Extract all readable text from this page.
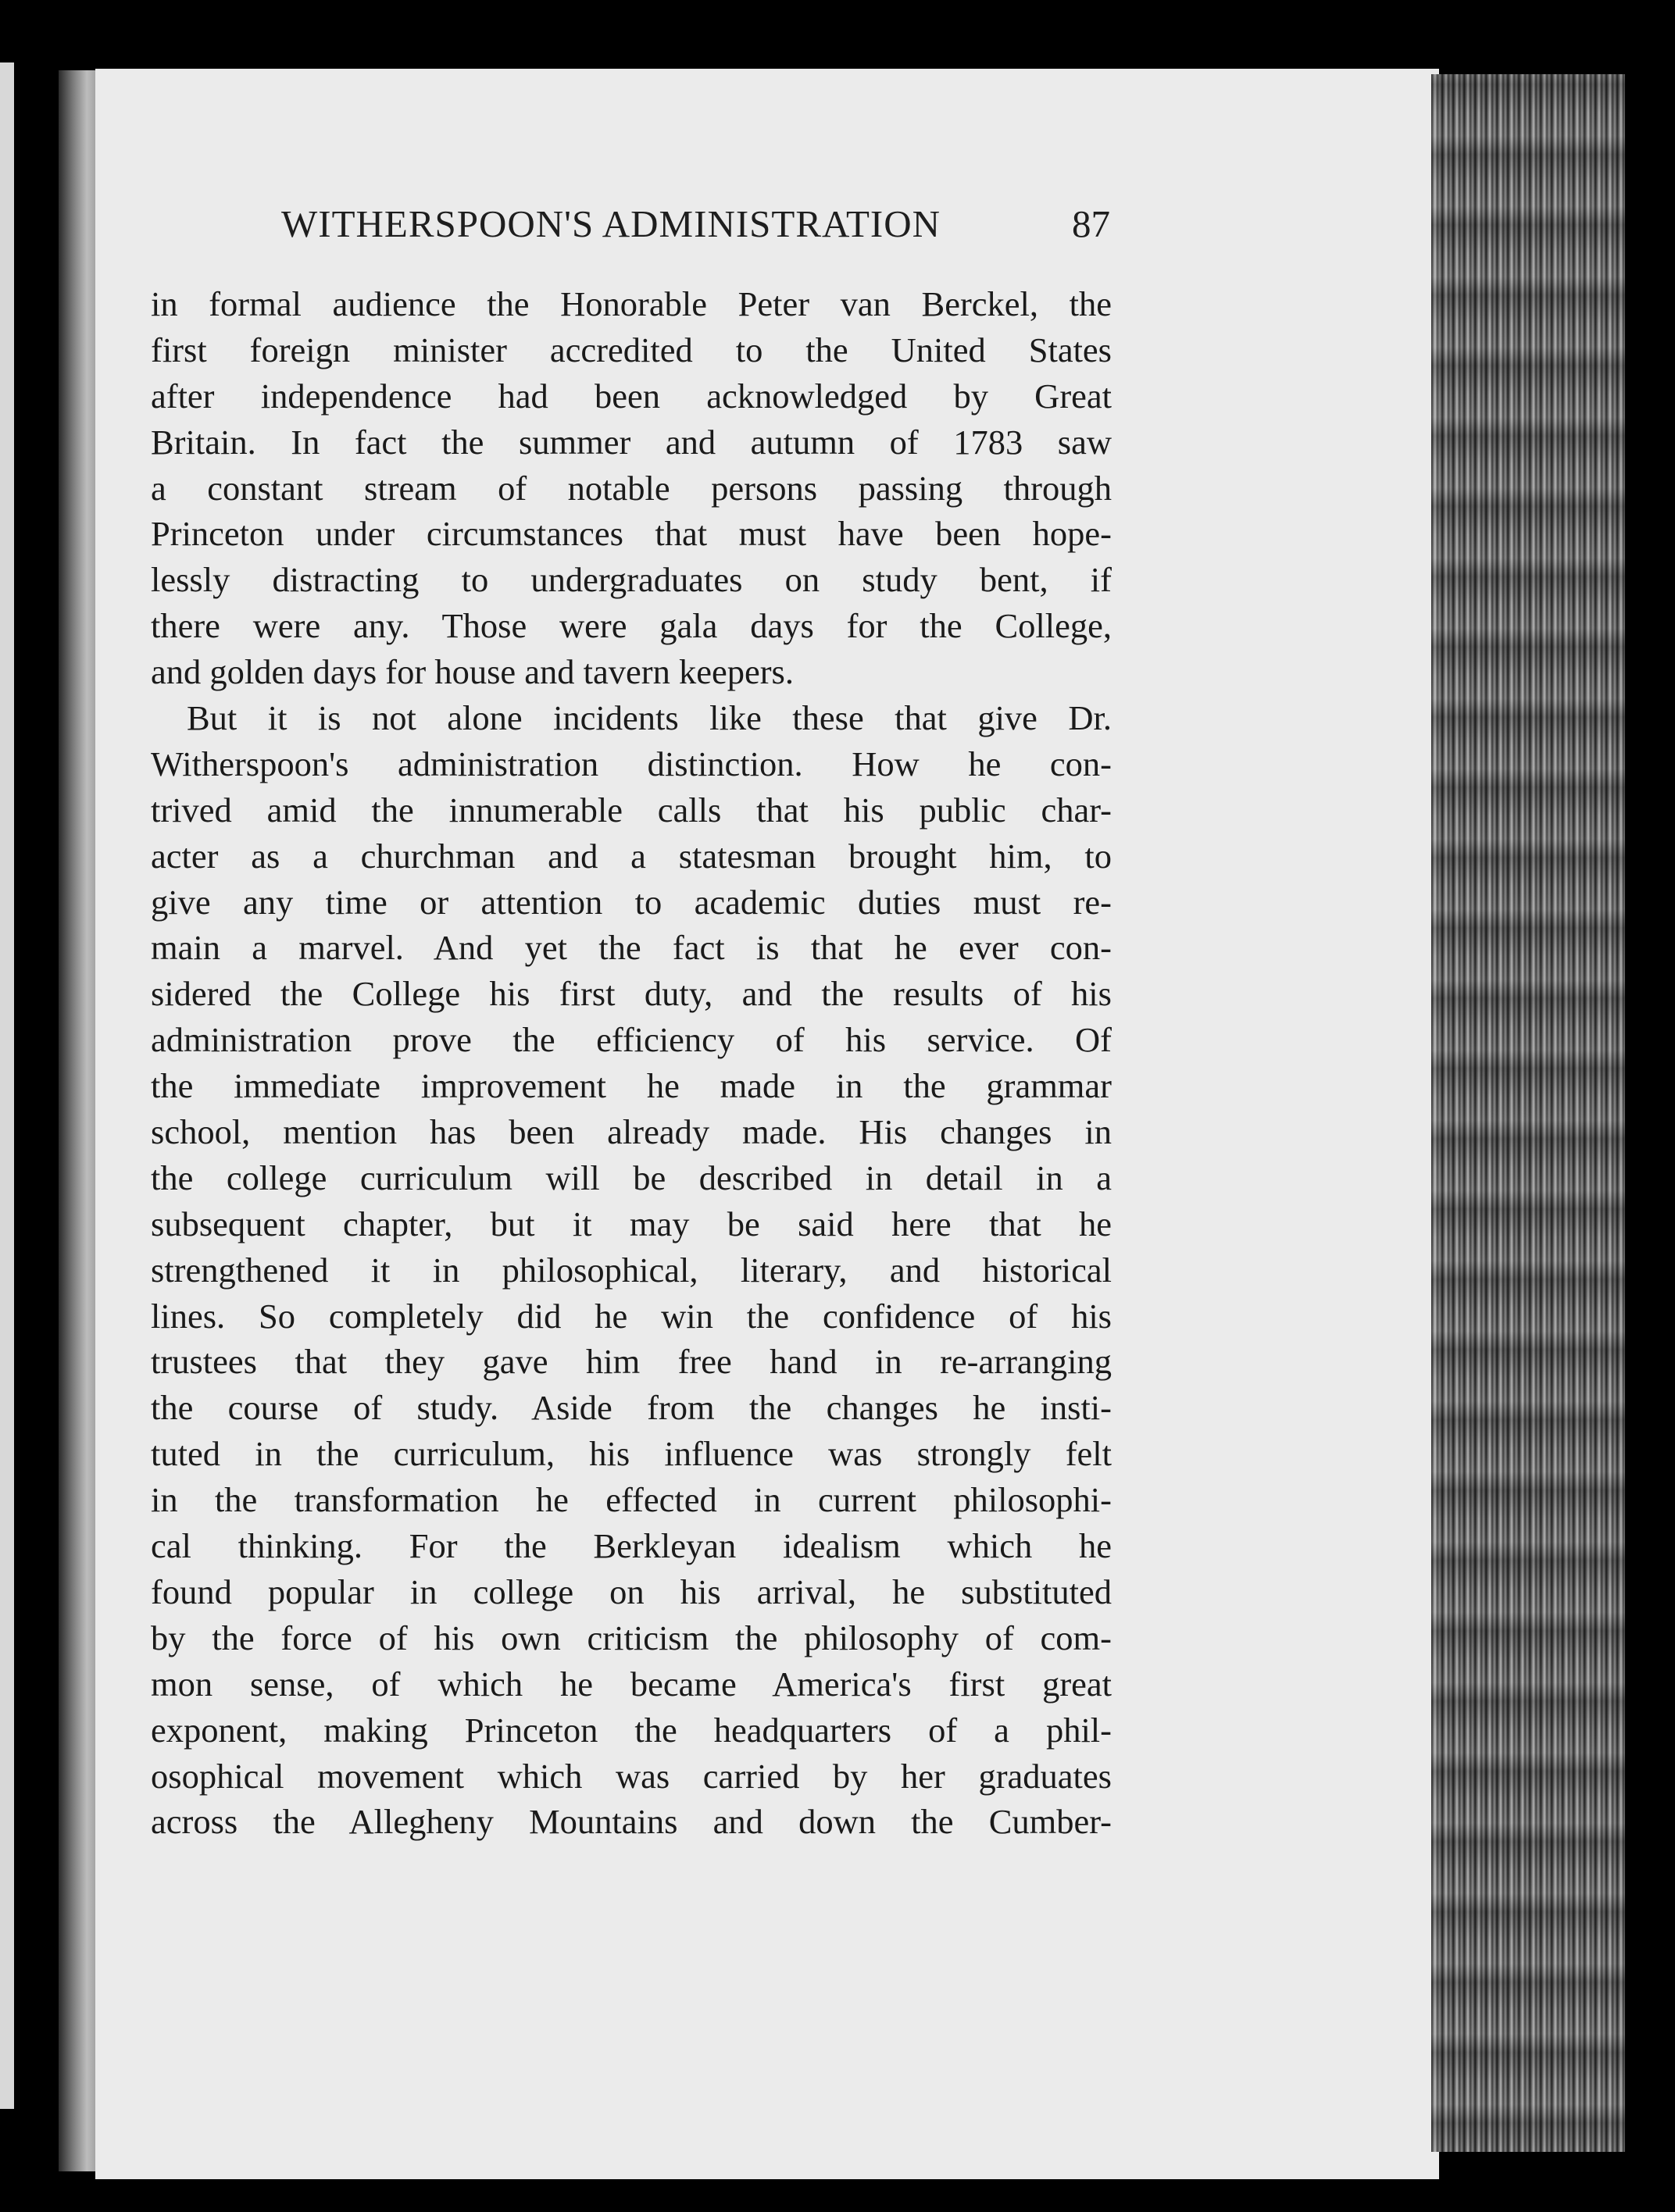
WITHERSPOON'S ADMINISTRATION	87
in formal audience the Honorable Peter van Berckel, the
first foreign minister accredited to the United States
after independence had been acknowledged by Great
Britain. In fact the summer and autumn of 1783 saw
a constant stream of notable persons passing through
Princeton under circumstances that must have been hope-
lessly distracting to undergraduates on study bent, if
there were any. Those were gala days for the College,
and golden days for house and tavern keepers.
But it is not alone incidents like these that give Dr.
Witherspoon's administration distinction. How he con-
trived amid the innumerable calls that his public char-
acter as a churchman and a statesman brought him, to
give any time or attention to academic duties must re-
main a marvel. And yet the fact is that he ever con-
sidered the College his first duty, and the results of his
administration prove the efficiency of his service. Of
the immediate improvement he made in the grammar
school, mention has been already made. His changes in
the college curriculum will be described in detail in a
subsequent chapter, but it may be said here that he
strengthened it in philosophical, literary, and historical
lines. So completely did he win the confidence of his
trustees that they gave him free hand in re-arranging
the course of study. Aside from the changes he insti-
tuted in the curriculum, his influence was strongly felt
in the transformation he effected in current philosophi-
cal thinking. For the Berkleyan idealism which he
found popular in college on his arrival, he substituted
by the force of his own criticism the philosophy of com-
mon sense, of which he became America's first great
exponent, making Princeton the headquarters of a phil-
osophical movement which was carried by her graduates
across the Allegheny Mountains and down the Cumber-
